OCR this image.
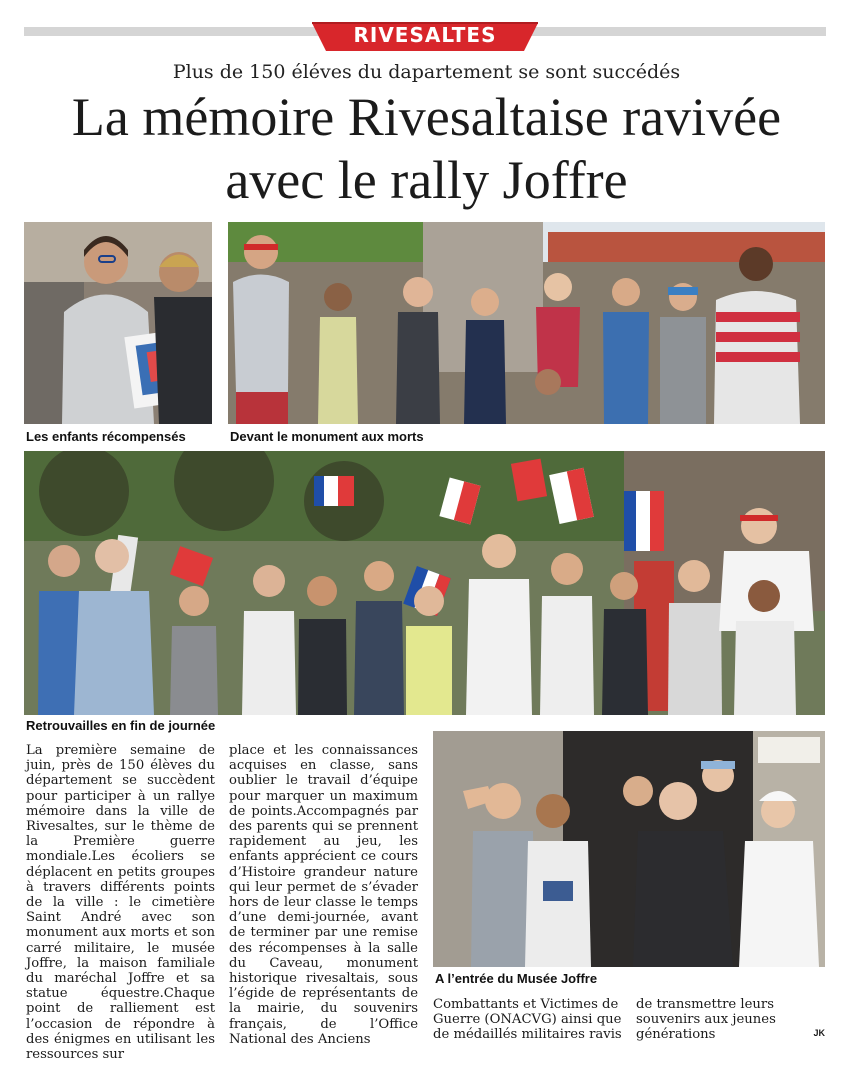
RIVESALTES
Plus de 150 éléves du dapartement se sont succédés
La mémoire Rivesaltaise ravivée
avec le rally Joffre
Les enfants récompensés	Devant le monument aux morts
Retrouvailles en fin de journée
A l’entrée du Musée Joffre
La première semaine de juin, près de 150 élèves du département se succèdent pour participer à un rallye mémoire dans la ville de Rivesaltes, sur le thème de la Première guerre mondiale.Les écoliers se déplacent en petits groupes à travers différents points de la ville : le cimetière Saint André avec son monument aux morts et son carré militaire, le musée Joffre, la maison familiale du maréchal Joffre et sa statue équestre.Chaque point de ralliement est l’occasion de répondre à des énigmes en utilisant les ressources sur
place et les connaissances acquises en classe, sans oublier le travail d’équipe pour marquer un maximum de points.Accompagnés par des parents qui se prennent rapidement au jeu, les enfants apprécient ce cours d’Histoire grandeur nature qui leur permet de s’évader hors de leur classe le temps d’une demi-journée, avant de terminer par une remise des récompenses à la salle du Caveau, monument historique rivesaltais, sous l’égide de représentants de la mairie, du souvenirs français, de l’Office National des Anciens
Combattants et Victimes de Guerre (ONACVG) ainsi que de médaillés militaires ravis
de transmettre leurs souvenirs aux jeunes générations	JK
